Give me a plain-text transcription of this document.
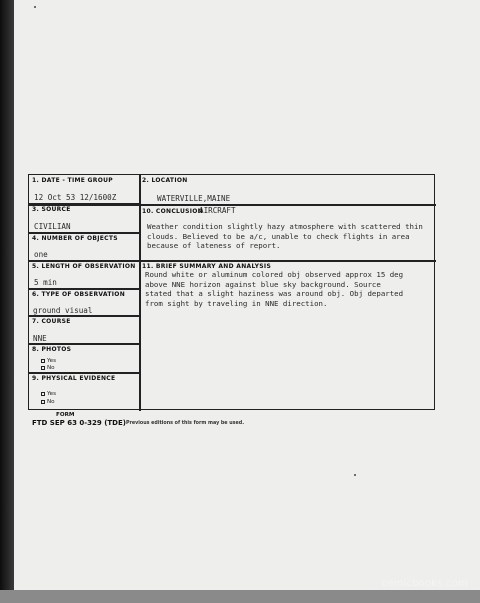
1. DATE - TIME GROUP
12 Oct 53 12/1600Z
2. LOCATION
WATERVILLE,MAINE
3. SOURCE
CIVILIAN
10. CONCLUSION
AIRCRAFT
Weather condition slightly hazy atmosphere with scattered thin
clouds. Believed to be a/c, unable to check flights in area
because of lateness of report.
4. NUMBER OF OBJECTS
one
5. LENGTH OF OBSERVATION
5 min
11. BRIEF SUMMARY AND ANALYSIS
Round white or aluminum colored obj observed approx 15 deg
above NNE horizon against blue sky background. Source
stated that a slight haziness was around obj. Obj departed
from sight by traveling in NNE direction.
6. TYPE OF OBSERVATION
ground visual
7. COURSE
NNE
8. PHOTOS
Yes
No
9. PHYSICAL EVIDENCE
Yes
No
FORM
FTD SEP 63 0-329 (TDE) Previous editions of this form may be used.
comicbooks.com
